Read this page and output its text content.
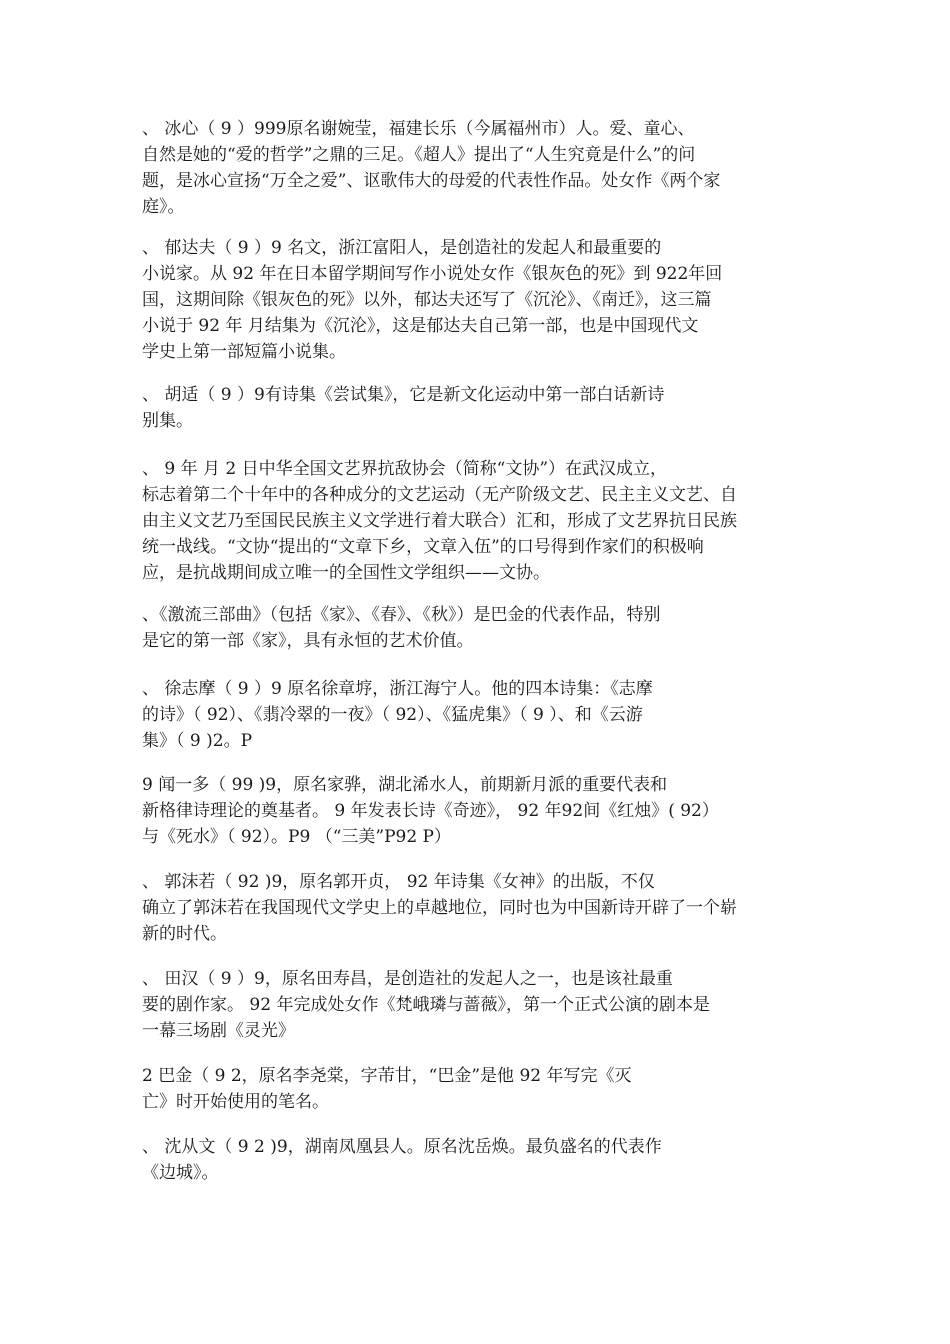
、 冰心（ 9 ）999原名谢婉莹，福建长乐（今属福州市）人。爱、童心、
自然是她的“爱的哲学”之鼎的三足。《超人》提出了“人生究竟是什么”的问
题，是冰心宣扬“万全之爱”、讴歌伟大的母爱的代表性作品。处女作《两个家
庭》。
、 郁达夫（ 9 ）9 名文，浙江富阳人，是创造社的发起人和最重要的
小说家。从 92 年在日本留学期间写作小说处女作《银灰色的死》到 922年回
国，这期间除《银灰色的死》以外，郁达夫还写了《沉沦》、《南迁》，这三篇
小说于 92 年 月结集为《沉沦》，这是郁达夫自己第一部，也是中国现代文
学史上第一部短篇小说集。
、 胡适（ 9 ）9有诗集《尝试集》，它是新文化运动中第一部白话新诗
别集。
、 9 年 月 2 日中华全国文艺界抗敌协会（简称“文协”）在武汉成立，
标志着第二个十年中的各种成分的文艺运动（无产阶级文艺、民主主义文艺、自
由主义文艺乃至国民民族主义文学进行着大联合）汇和，形成了文艺界抗日民族
统一战线。“文协“提出的“文章下乡，文章入伍”的口号得到作家们的积极响
应，是抗战期间成立唯一的全国性文学组织——文协。
、《激流三部曲》（包括《家》、《春》、《秋》）是巴金的代表作品，特别
是它的第一部《家》，具有永恒的艺术价值。
、 徐志摩（ 9 ）9 原名徐章垿，浙江海宁人。他的四本诗集：《志摩
的诗》（ 92）、《翡冷翠的一夜》（ 92）、《猛虎集》（ 9 ）、和《云游
集》（ 9 )2。P
9 闻一多（ 99 )9，原名家骅，湖北浠水人，前期新月派的重要代表和
新格律诗理论的奠基者。 9 年发表长诗《奇迹》， 92 年92间《红烛》( 92）
与《死水》（ 92）。P9 （“三美”P92 P）
、 郭沫若（ 92 )9，原名郭开贞， 92 年诗集《女神》的出版，不仅
确立了郭沫若在我国现代文学史上的卓越地位，同时也为中国新诗开辟了一个崭
新的时代。
、 田汉（ 9 ）9，原名田寿昌，是创造社的发起人之一，也是该社最重
要的剧作家。 92 年完成处女作《梵峨璘与蔷薇》，第一个正式公演的剧本是
一幕三场剧《灵光》
2 巴金（ 9 2，原名李尧棠，字芾甘，“巴金”是他 92 年写完《灭
亡》时开始使用的笔名。
、 沈从文（ 9 2 )9，湖南凤凰县人。原名沈岳焕。最负盛名的代表作
《边城》。
